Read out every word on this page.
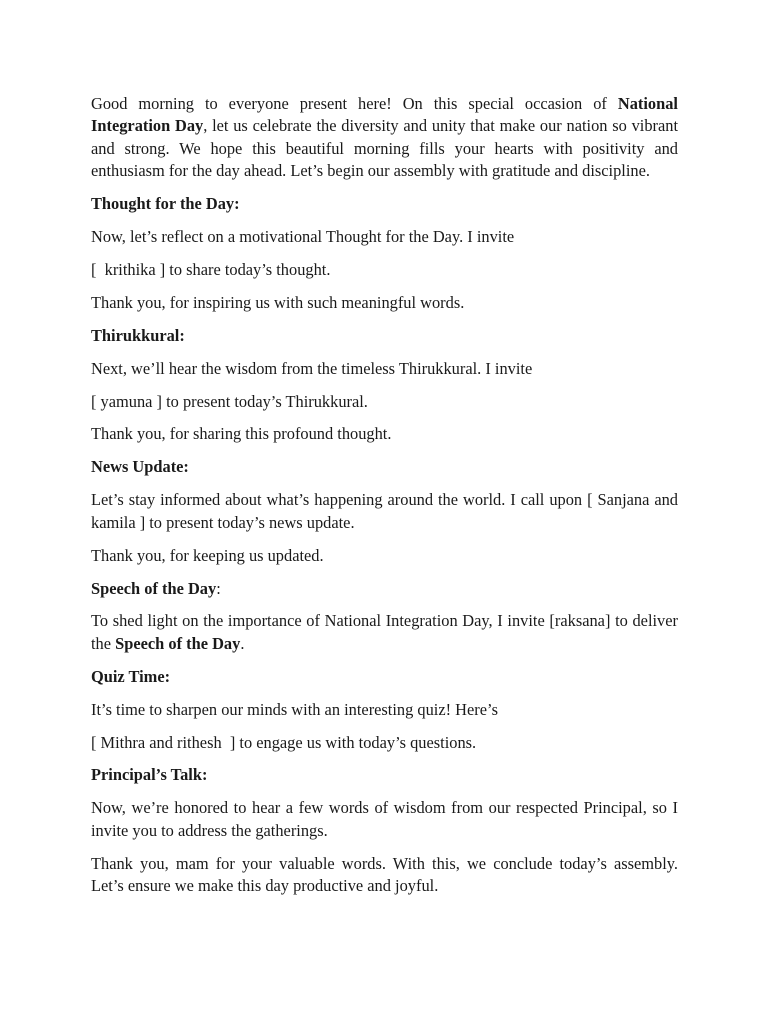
Good morning to everyone present here! On this special occasion of National Integration Day, let us celebrate the diversity and unity that make our nation so vibrant and strong. We hope this beautiful morning fills your hearts with positivity and enthusiasm for the day ahead. Let’s begin our assembly with gratitude and discipline.

Thought for the Day:

Now, let’s reflect on a motivational Thought for the Day. I invite

[  krithika ] to share today’s thought.

Thank you, for inspiring us with such meaningful words.

Thirukkural:

Next, we’ll hear the wisdom from the timeless Thirukkural. I invite

[ yamuna ] to present today’s Thirukkural.

Thank you, for sharing this profound thought.

News Update:

Let’s stay informed about what’s happening around the world. I call upon [ Sanjana and kamila ] to present today’s news update.

Thank you, for keeping us updated.

Speech of the Day:

To shed light on the importance of National Integration Day, I invite [raksana] to deliver the Speech of the Day.

Quiz Time:

It’s time to sharpen our minds with an interesting quiz! Here’s

[ Mithra and rithesh  ] to engage us with today’s questions.

Principal’s Talk:

Now, we’re honored to hear a few words of wisdom from our respected Principal, so I invite you to address the gatherings.

Thank you, mam for your valuable words. With this, we conclude today’s assembly. Let’s ensure we make this day productive and joyful.
